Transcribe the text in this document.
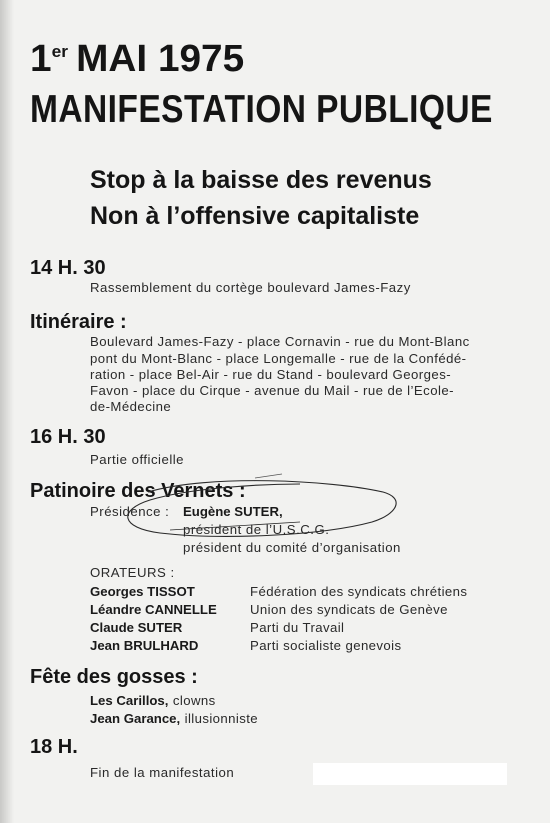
1er MAI 1975
MANIFESTATION PUBLIQUE
Stop à la baisse des revenus
Non à l’offensive capitaliste
14 H. 30
Rassemblement du cortège boulevard James-Fazy
Itinéraire :
Boulevard James-Fazy - place Cornavin - rue du Mont-Blanc
pont du Mont-Blanc - place Longemalle - rue de la Confédé-
ration - place Bel-Air - rue du Stand - boulevard Georges-
Favon - place du Cirque - avenue du Mail - rue de l’Ecole-
de-Médecine
16 H. 30
Partie officielle
Patinoire des Vernets :
Présidence : Eugène SUTER,
président de l’U.S.C.G.
président du comité d’organisation
ORATEURS :
Georges TISSOT	Fédération des syndicats chrétiens
Léandre CANNELLE	Union des syndicats de Genève
Claude SUTER	Parti du Travail
Jean BRULHARD	Parti socialiste genevois
Fête des gosses :
Les Carillos, clowns
Jean Garance, illusionniste
18 H.
Fin de la manifestation
